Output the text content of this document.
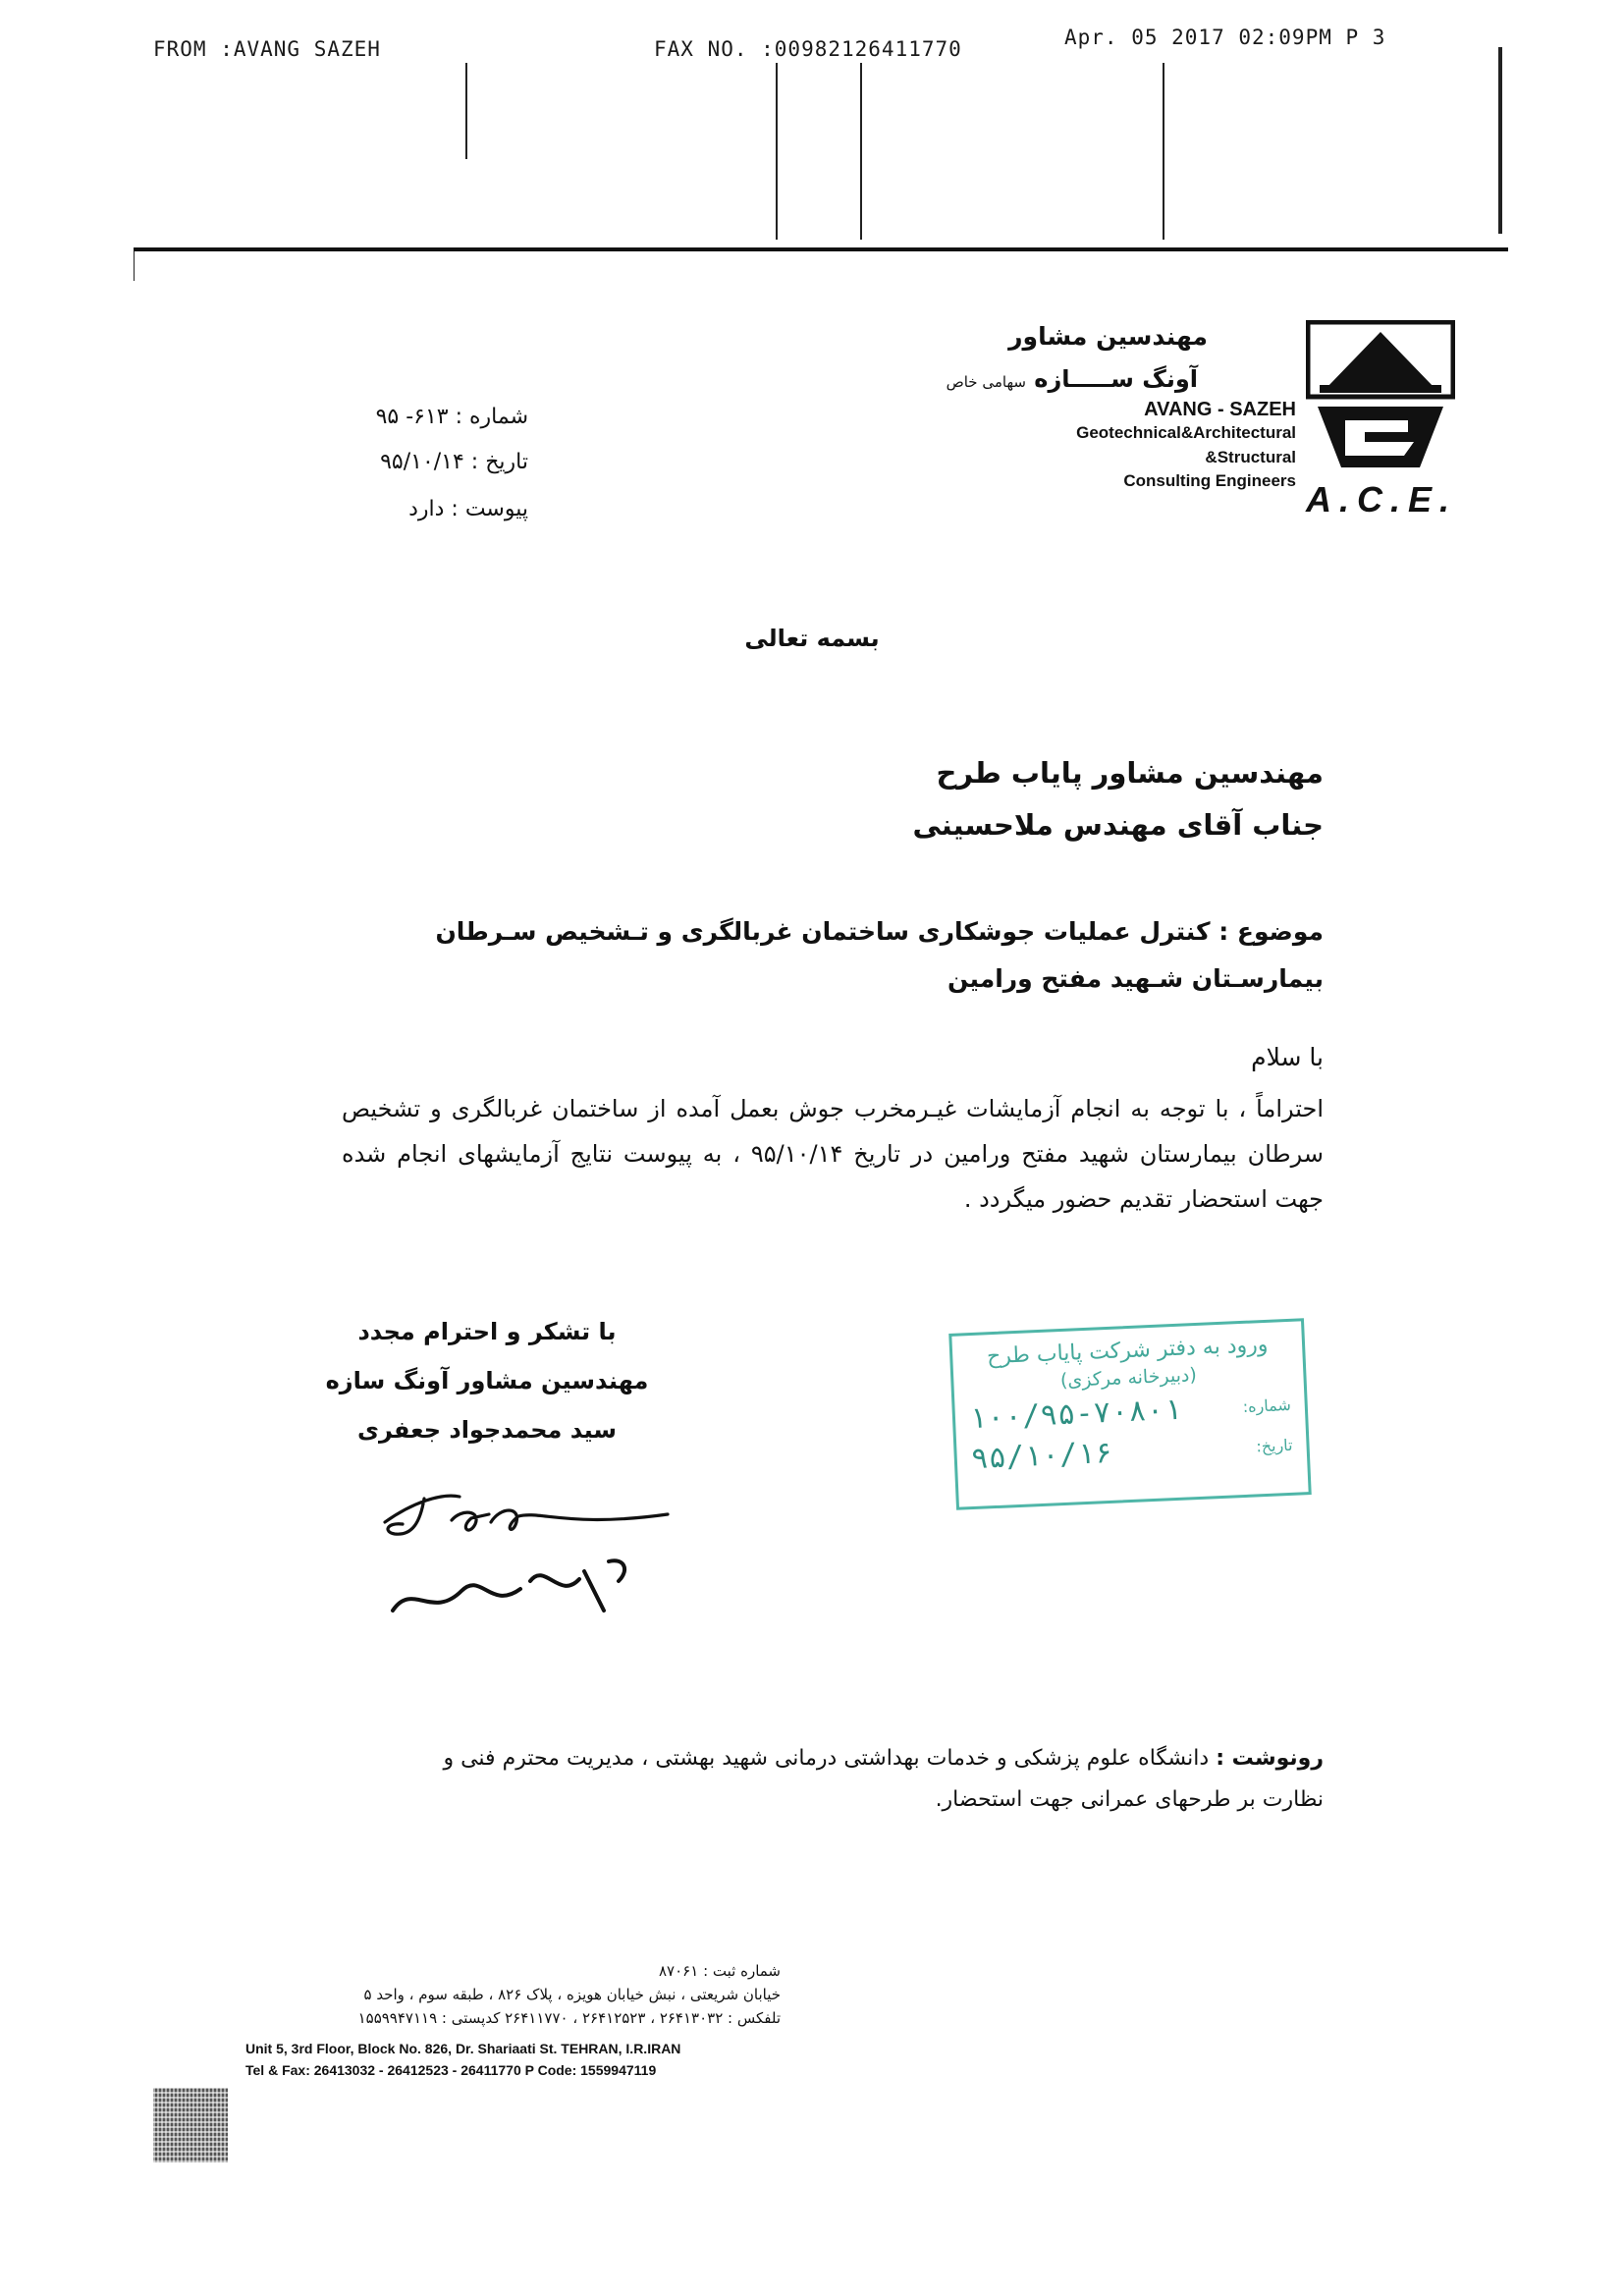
FROM :AVANG SAZEH	FAX NO. :00982126411770	Apr. 05 2017 02:09PM P 3
مهندسین مشاور
آونگ ســـــازه سهامی خاص
AVANG - SAZEH
Geotechnical&Architectural
&Structural
Consulting Engineers A.C.E.
شماره : ۶۱۳- ۹۵
تاریخ : ۹۵/۱۰/۱۴
پیوست : دارد
بسمه تعالی
مهندسین مشاور پایاب طرح
جناب آقای مهندس ملاحسینی
موضوع : کنترل عملیات جوشکاری ساختمان غربالگری و تـشخیص سـرطان بیمارسـتان شـهید مفتح ورامین
با سلام
احتراماً ، با توجه به انجام آزمایشات غیـرمخرب جوش بعمل آمده از ساختمان غربالگری و تشخیص سرطان بیمارستان شهید مفتح ورامین در تاریخ ۹۵/۱۰/۱۴ ، به پیوست نتایج آزمایشهای انجام شده جهت استحضار تقدیم حضور میگردد .
با تشکر و احترام مجدد
مهندسین مشاور آونگ سازه
سید محمدجواد جعفری
ورود به دفتر شرکت پایاب طرح
(دبیرخانه مرکزی)
شماره:
۱۰۰/۹۵-۷۰۸۰۱
تاریخ:
۹۵/۱۰/۱۶
رونوشت : دانشگاه علوم پزشکی و خدمات بهداشتی درمانی شهید بهشتی ، مدیریت محترم فنی و نظارت بر طرحهای عمرانی جهت استحضار.
شماره ثبت : ۸۷۰۶۱
خیابان شریعتی ، نبش خیابان هویزه ، پلاک ۸۲۶ ، طبقه سوم ، واحد ۵
تلفکس : ۲۶۴۱۳۰۳۲ ، ۲۶۴۱۲۵۲۳ ، ۲۶۴۱۱۷۷۰ کدپستی : ۱۵۵۹۹۴۷۱۱۹
Unit 5, 3rd Floor, Block No. 826, Dr. Shariaati St. TEHRAN, I.R.IRAN
Tel & Fax: 26413032 - 26412523 - 26411770 P Code: 1559947119
